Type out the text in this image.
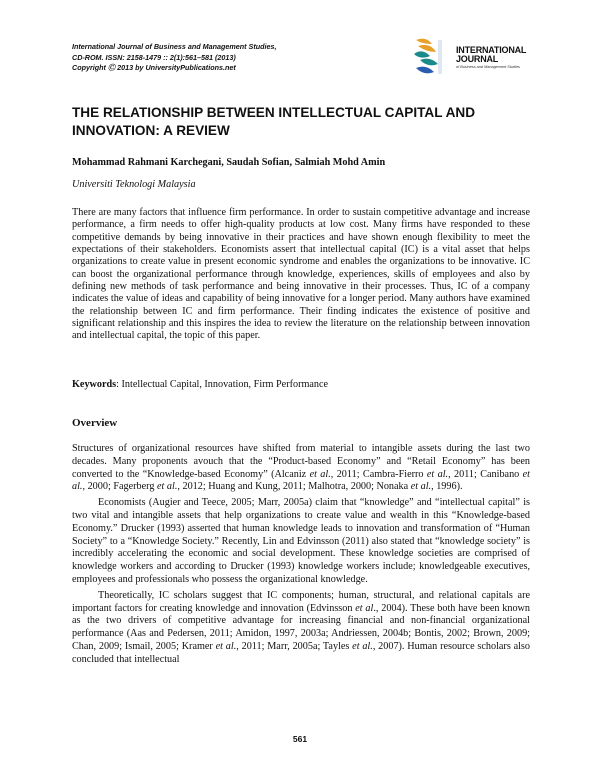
International Journal of Business and Management Studies,
CD-ROM. ISSN: 2158-1479 :: 2(1):561–581 (2013)
Copyright Ⓒ 2013 by UniversityPublications.net
INTERNATIONAL
JOURNAL
of Business and Management Studies
THE RELATIONSHIP BETWEEN INTELLECTUAL CAPITAL AND INNOVATION: A REVIEW
Mohammad Rahmani Karchegani, Saudah Sofian, Salmiah Mohd Amin
Universiti Teknologi Malaysia
There are many factors that influence firm performance. In order to sustain competitive advantage and increase performance, a firm needs to offer high-quality products at low cost. Many firms have responded to these competitive demands by being innovative in their practices and have shown enough flexibility to meet the expectations of their stakeholders. Economists assert that intellectual capital (IC) is a vital asset that helps organizations to create value in present economic syndrome and enables the organizations to be innovative. IC can boost the organizational performance through knowledge, experiences, skills of employees and also by defining new methods of task performance and being innovative in their processes. Thus, IC of a company indicates the value of ideas and capability of being innovative for a longer period. Many authors have examined the relationship between IC and firm performance. Their finding indicates the existence of positive and significant relationship and this inspires the idea to review the literature on the relationship between innovation and intellectual capital, the topic of this paper.
Keywords: Intellectual Capital, Innovation, Firm Performance
Overview

Structures of organizational resources have shifted from material to intangible assets during the last two decades. Many proponents avouch that the “Product-based Economy” and “Retail Economy” has been converted to the “Knowledge-based Economy” (Alcaniz et al., 2011; Cambra-Fierro et al., 2011; Canibano et al., 2000; Fagerberg et al., 2012; Huang and Kung, 2011; Malhotra, 2000; Nonaka et al., 1996).

Economists (Augier and Teece, 2005; Marr, 2005a) claim that “knowledge” and “intellectual capital” is two vital and intangible assets that help organizations to create value and wealth in this “Knowledge-based Economy.” Drucker (1993) asserted that human knowledge leads to innovation and transformation of “Human Society” to a “Knowledge Society.” Recently, Lin and Edvinsson (2011) also stated that “knowledge society” is incredibly accelerating the economic and social development. These knowledge societies are comprised of knowledge workers and according to Drucker (1993) knowledge workers include; knowledgeable executives, employees and professionals who possess the organizational knowledge.

Theoretically, IC scholars suggest that IC components; human, structural, and relational capitals are important factors for creating knowledge and innovation (Edvinsson et al., 2004). These both have been known as the two drivers of competitive advantage for increasing financial and non-financial organizational performance (Aas and Pedersen, 2011; Amidon, 1997, 2003a; Andriessen, 2004b; Bontis, 2002; Brown, 2009; Chan, 2009; Ismail, 2005; Kramer et al., 2011; Marr, 2005a; Tayles et al., 2007). Human resource scholars also concluded that intellectual

561
